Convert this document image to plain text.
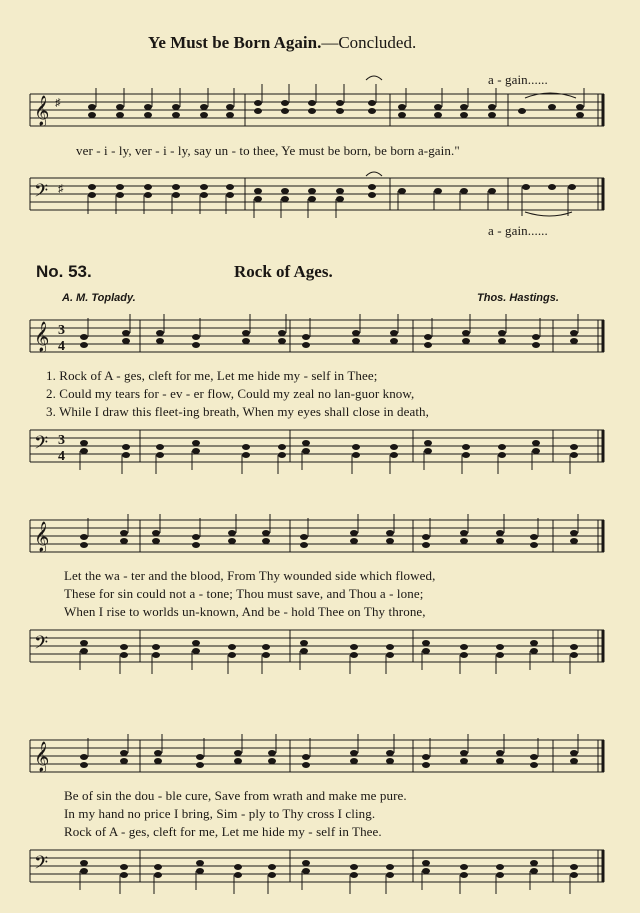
Ye Must be Born Again.—Concluded.
a - gain......
𝄞 ♯
ver - i - ly, ver - i - ly, say un - to thee, Ye must be born, be born a-gain."
𝄢 ♯
a - gain......
No. 53.	Rock of Ages.
A. M. Toplady.	Thos. Hastings.
𝄞 3
4
1. Rock of A - ges, cleft for me, Let me hide my - self in Thee;
2. Could my tears for - ev - er flow, Could my zeal no lan-guor know,
3. While I draw this fleet-ing breath, When my eyes shall close in death,
𝄢 3
4
𝄞
Let the wa - ter and the blood, From Thy wounded side which flowed,
These for sin could not a - tone; Thou must save, and Thou a - lone;
When I rise to worlds un-known, And be - hold Thee on Thy throne,
𝄢
𝄞
Be of sin the dou - ble cure, Save from wrath and make me pure.
In my hand no price I bring, Sim - ply to Thy cross I cling.
Rock of A - ges, cleft for me, Let me hide my - self in Thee.
𝄢
